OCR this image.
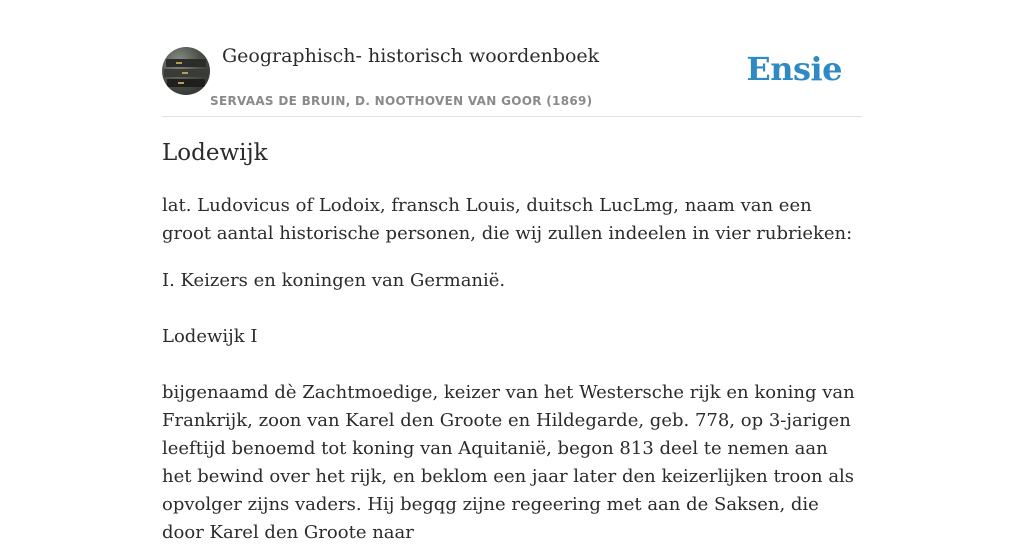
Geographisch- historisch woordenboek
SERVAAS DE BRUIN, D. NOOTHOVEN VAN GOOR (1869)
Ensie
Lodewijk

lat. Ludovicus of Lodoix, fransch Louis, duitsch LucLmg, naam van een groot aantal historische personen, die wij zullen indeelen in vier rubrieken:

I. Keizers en koningen van Germanië.

Lodewijk I

bijgenaamd dè Zachtmoedige, keizer van het Westersche rijk en koning van Frankrijk, zoon van Karel den Groote en Hildegarde, geb. 778, op 3-jarigen leeftijd benoemd tot koning van Aquitanië, begon 813 deel te nemen aan het bewind over het rijk, en beklom een jaar later den keizerlijken troon als opvolger zijns vaders. Hij begqg zijne regeering met aan de Saksen, die door Karel den Groote naar
